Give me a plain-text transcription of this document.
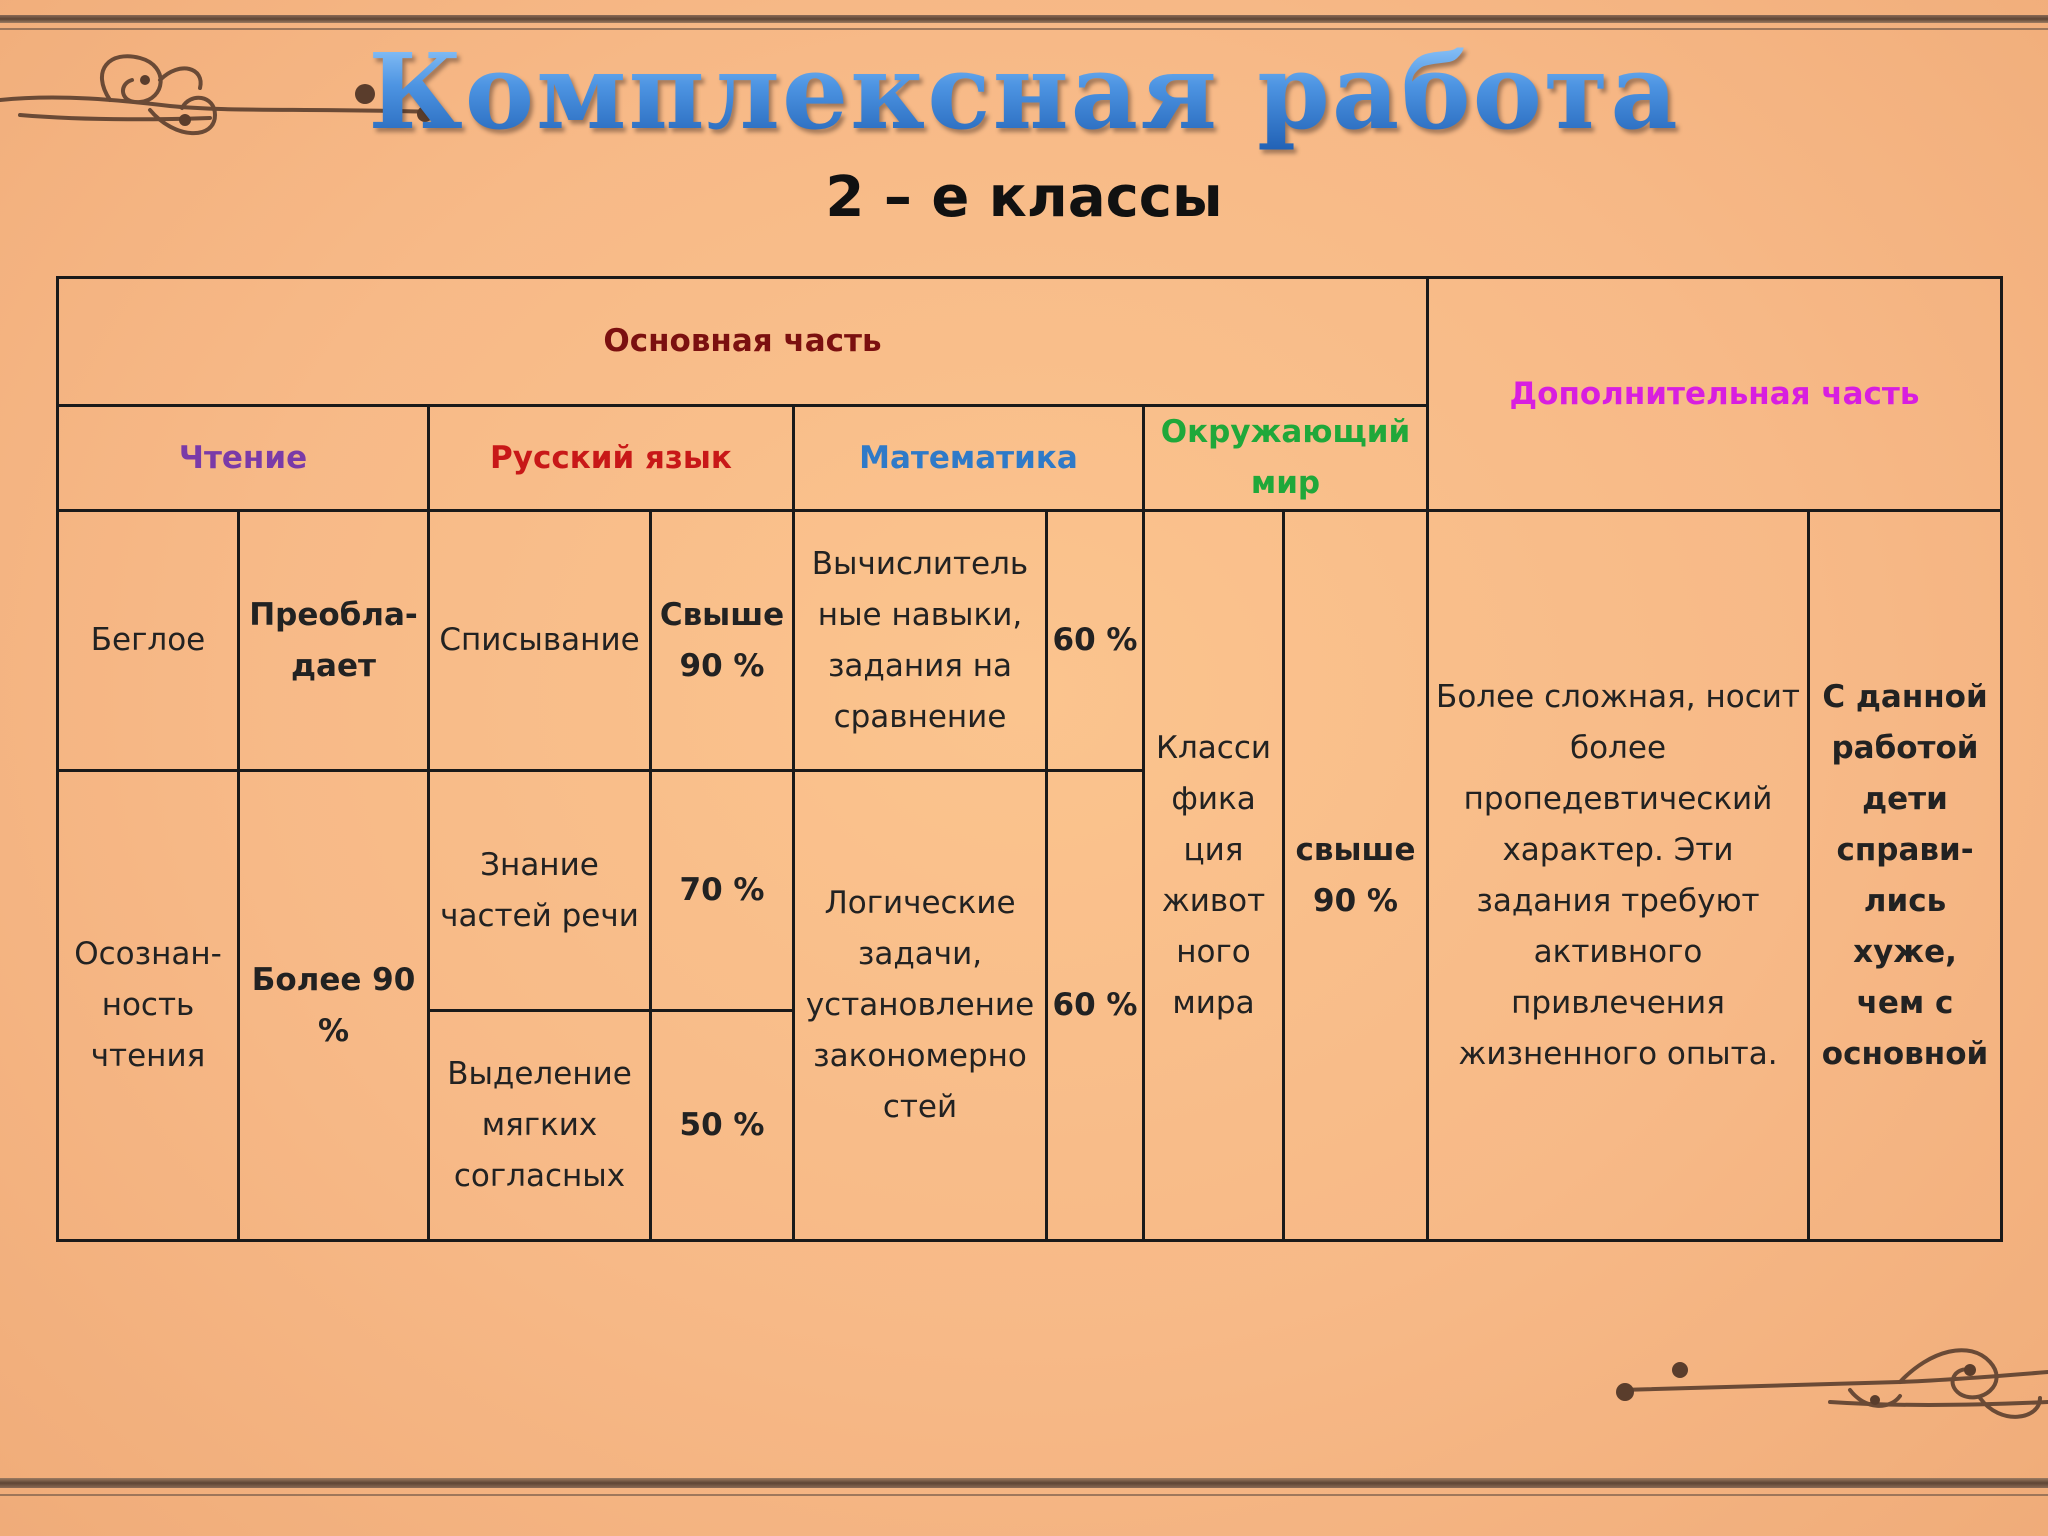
Комплексная работа
2 – е классы
Основная часть								Дополнительная часть	
Чтение		Русский язык		Математика		Окружающий мир			
Беглое	Преобла-дает	Списывание	Свыше 90 %	Вычислитель ные навыки, задания на сравнение	60 %	Класси фика ция живот ного мира	свыше 90 %	Более сложная, носит более пропедевтический характер. Эти задания требуют активного привлечения жизненного опыта.	С данной работой дети справи-лись хуже, чем с основной
Осознан-ность чтения	Более 90 %	Знание частей речи	70 %	Логические задачи, установление закономерно стей	60 %				
		Выделение мягких согласных	50 %						
